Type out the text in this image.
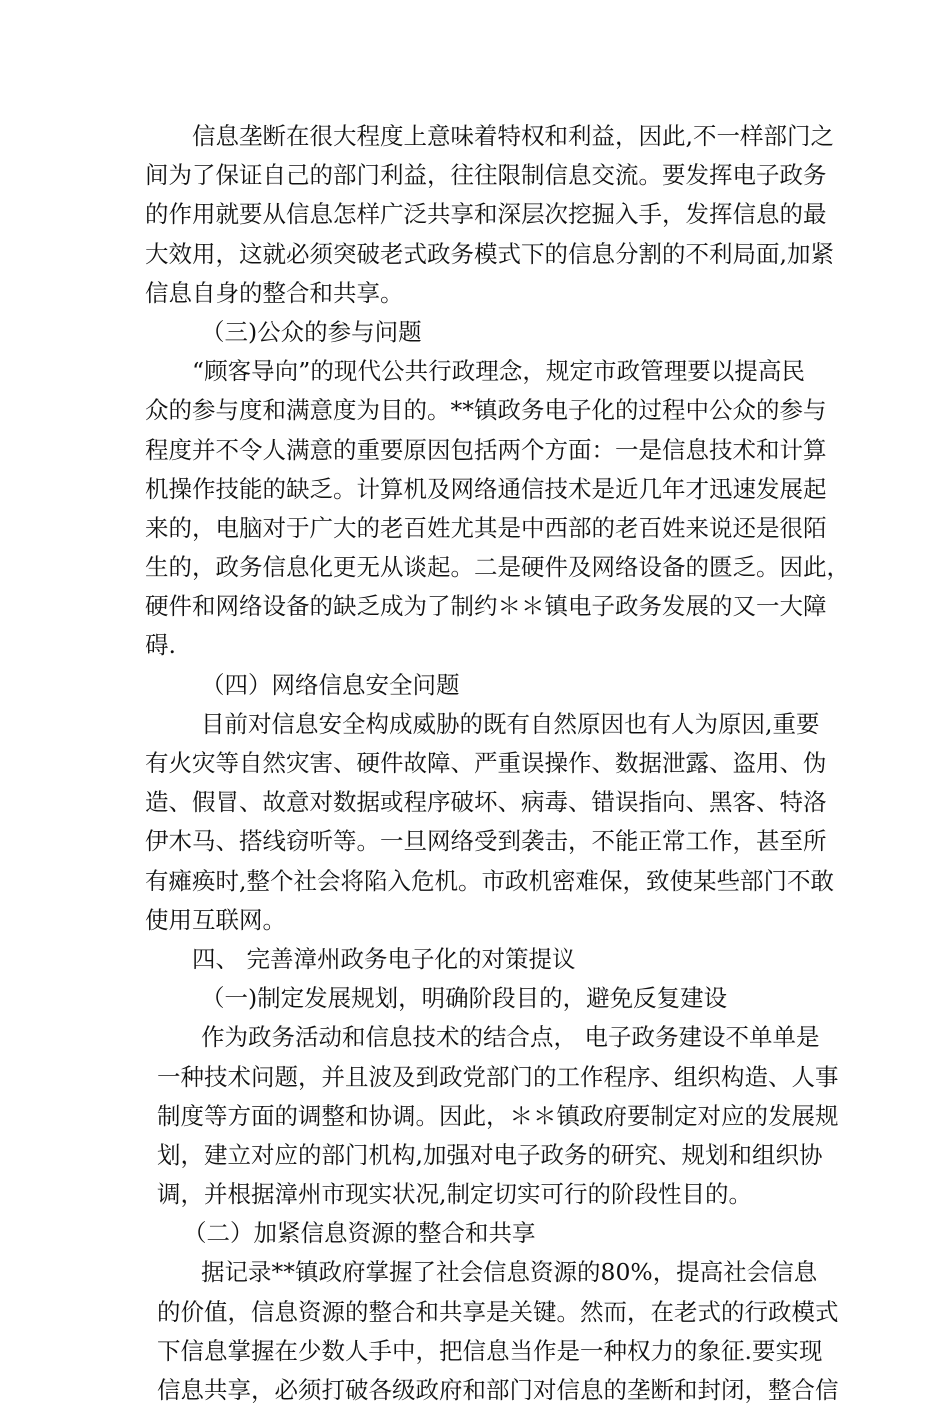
信息垄断在很大程度上意味着特权和利益，因此,不一样部门之
间为了保证自己的部门利益，往往限制信息交流。要发挥电子政务
的作用就要从信息怎样广泛共享和深层次挖掘入手，发挥信息的最
大效用，这就必须突破老式政务模式下的信息分割的不利局面,加紧
信息自身的整合和共享。
（三)公众的参与问题
“顾客导向”的现代公共行政理念，规定市政管理要以提高民
众的参与度和满意度为目的。**镇政务电子化的过程中公众的参与
程度并不令人满意的重要原因包括两个方面：一是信息技术和计算
机操作技能的缺乏。计算机及网络通信技术是近几年才迅速发展起
来的，电脑对于广大的老百姓尤其是中西部的老百姓来说还是很陌
生的，政务信息化更无从谈起。二是硬件及网络设备的匮乏。因此，
硬件和网络设备的缺乏成为了制约＊＊镇电子政务发展的又一大障
碍.
（四）网络信息安全问题
目前对信息安全构成威胁的既有自然原因也有人为原因,重要
有火灾等自然灾害、硬件故障、严重误操作、数据泄露、盗用、伪
造、假冒、故意对数据或程序破坏、病毒、错误指向、黑客、特洛
伊木马、搭线窃听等。一旦网络受到袭击，不能正常工作，甚至所
有瘫痪时,整个社会将陷入危机。市政机密难保，致使某些部门不敢
使用互联网。
四、 完善漳州政务电子化的对策提议
（一)制定发展规划，明确阶段目的，避免反复建设
作为政务活动和信息技术的结合点， 电子政务建设不单单是
一种技术问题，并且波及到政党部门的工作程序、组织构造、人事
制度等方面的调整和协调。因此，＊＊镇政府要制定对应的发展规
划，建立对应的部门机构,加强对电子政务的研究、规划和组织协
调，并根据漳州市现实状况,制定切实可行的阶段性目的。
（二）加紧信息资源的整合和共享
据记录**镇政府掌握了社会信息资源的80%，提高社会信息
的价值，信息资源的整合和共享是关键。然而，在老式的行政模式
下信息掌握在少数人手中，把信息当作是一种权力的象征.要实现
信息共享，必须打破各级政府和部门对信息的垄断和封闭，整合信
